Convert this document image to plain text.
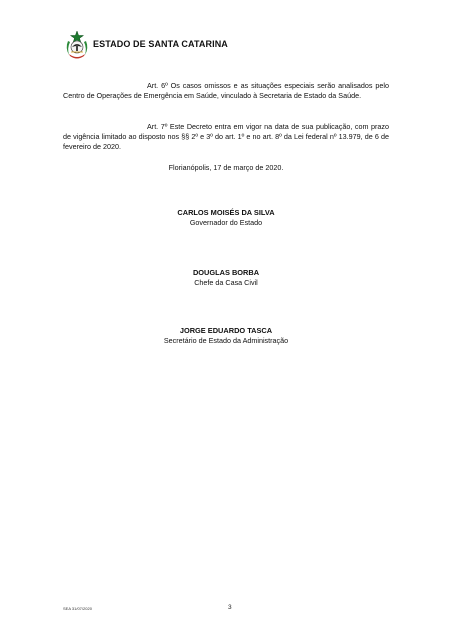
ESTADO DE SANTA CATARINA
Art. 6º Os casos omissos e as situações especiais serão analisados pelo Centro de Operações de Emergência em Saúde, vinculado à Secretaria de Estado da Saúde.
Art. 7º Este Decreto entra em vigor na data de sua publicação, com prazo de vigência limitado ao disposto nos §§ 2º e 3º do art. 1º e no art. 8º da Lei federal nº 13.979, de 6 de fevereiro de 2020.
Florianópolis, 17 de março de 2020.
CARLOS MOISÉS DA SILVA
Governador do Estado
DOUGLAS BORBA
Chefe da Casa Civil
JORGE EDUARDO TASCA
Secretário de Estado da Administração
SEA 31/07/2020	3
